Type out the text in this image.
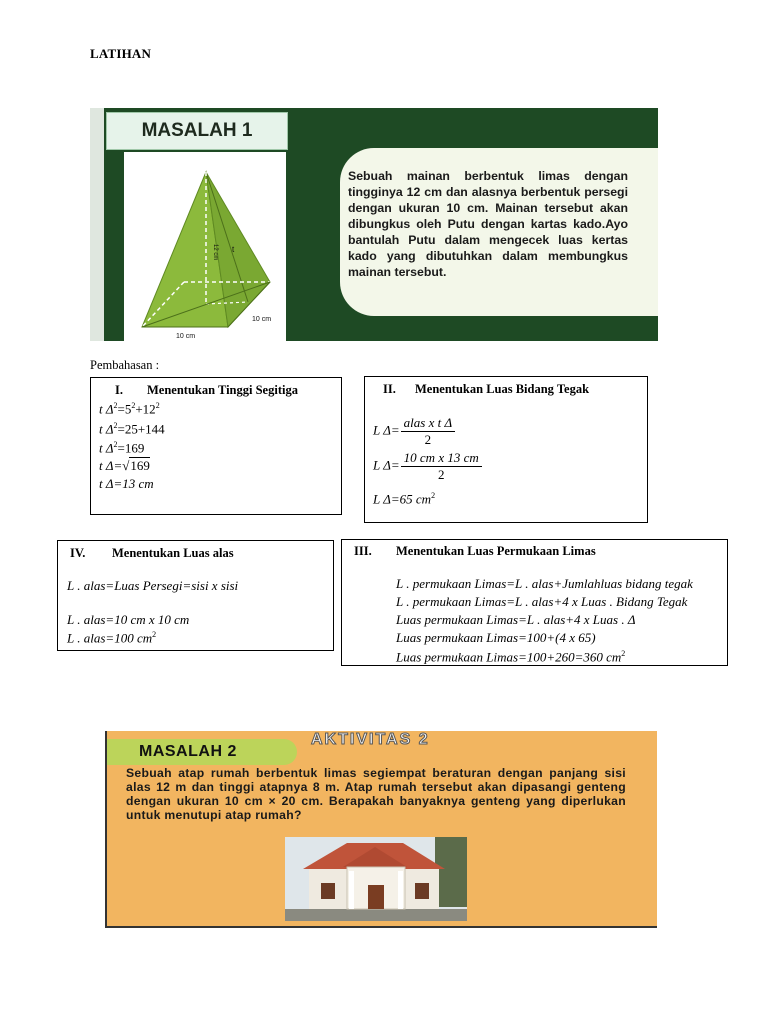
LATIHAN
MASALAH 1
12 cm t
10 cm
10 cm
Sebuah mainan berbentuk limas dengan tingginya 12 cm dan alasnya berbentuk persegi dengan ukuran 10 cm. Mainan tersebut akan dibungkus oleh Putu dengan kartas kado.Ayo bantulah Putu dalam mengecek luas kertas kado yang dibutuhkan dalam membungkus mainan tersebut.
Pembahasan :
I. Menentukan Tinggi Segitiga
t $\Delta^2=5^2+12^2$
t $\Delta^2=25+144$
t $\Delta^2=169$
t Δ=√169
t Δ=13 cm
II. Menentukan Luas Bidang Tegak
L $\Delta= \frac{\text{alas x t Δ}}{2}$
L $\Delta= \frac{\text{10 cm x 13 cm}}{2}$
L Δ=65 $cm^2$
IV. Menentukan Luas alas
L . alas=Luas Persegi=sisi x sisi
L . alas=10 cm x 10 cm
L . alas=100 $cm^2$
III. Menentukan Luas Permukaan Limas
L . permukaan Limas=L . alas+Jumlahluas bidang tegak
L . permukaan Limas=L . alas+4 x Luas . Bidang Tegak
Luas permukaan Limas=L . alas+4 x Luas . Δ
Luas permukaan Limas=100+(4 x 65)
Luas permukaan Limas=100+260=360 $cm^2$
MASALAH 2
AKTIVITAS 2
Sebuah atap rumah berbentuk limas segiempat beraturan dengan panjang sisi alas 12 m dan tinggi atapnya 8 m. Atap rumah tersebut akan dipasangi genteng dengan ukuran 10 cm × 20 cm. Berapakah banyaknya genteng yang diperlukan untuk menutupi atap rumah?
